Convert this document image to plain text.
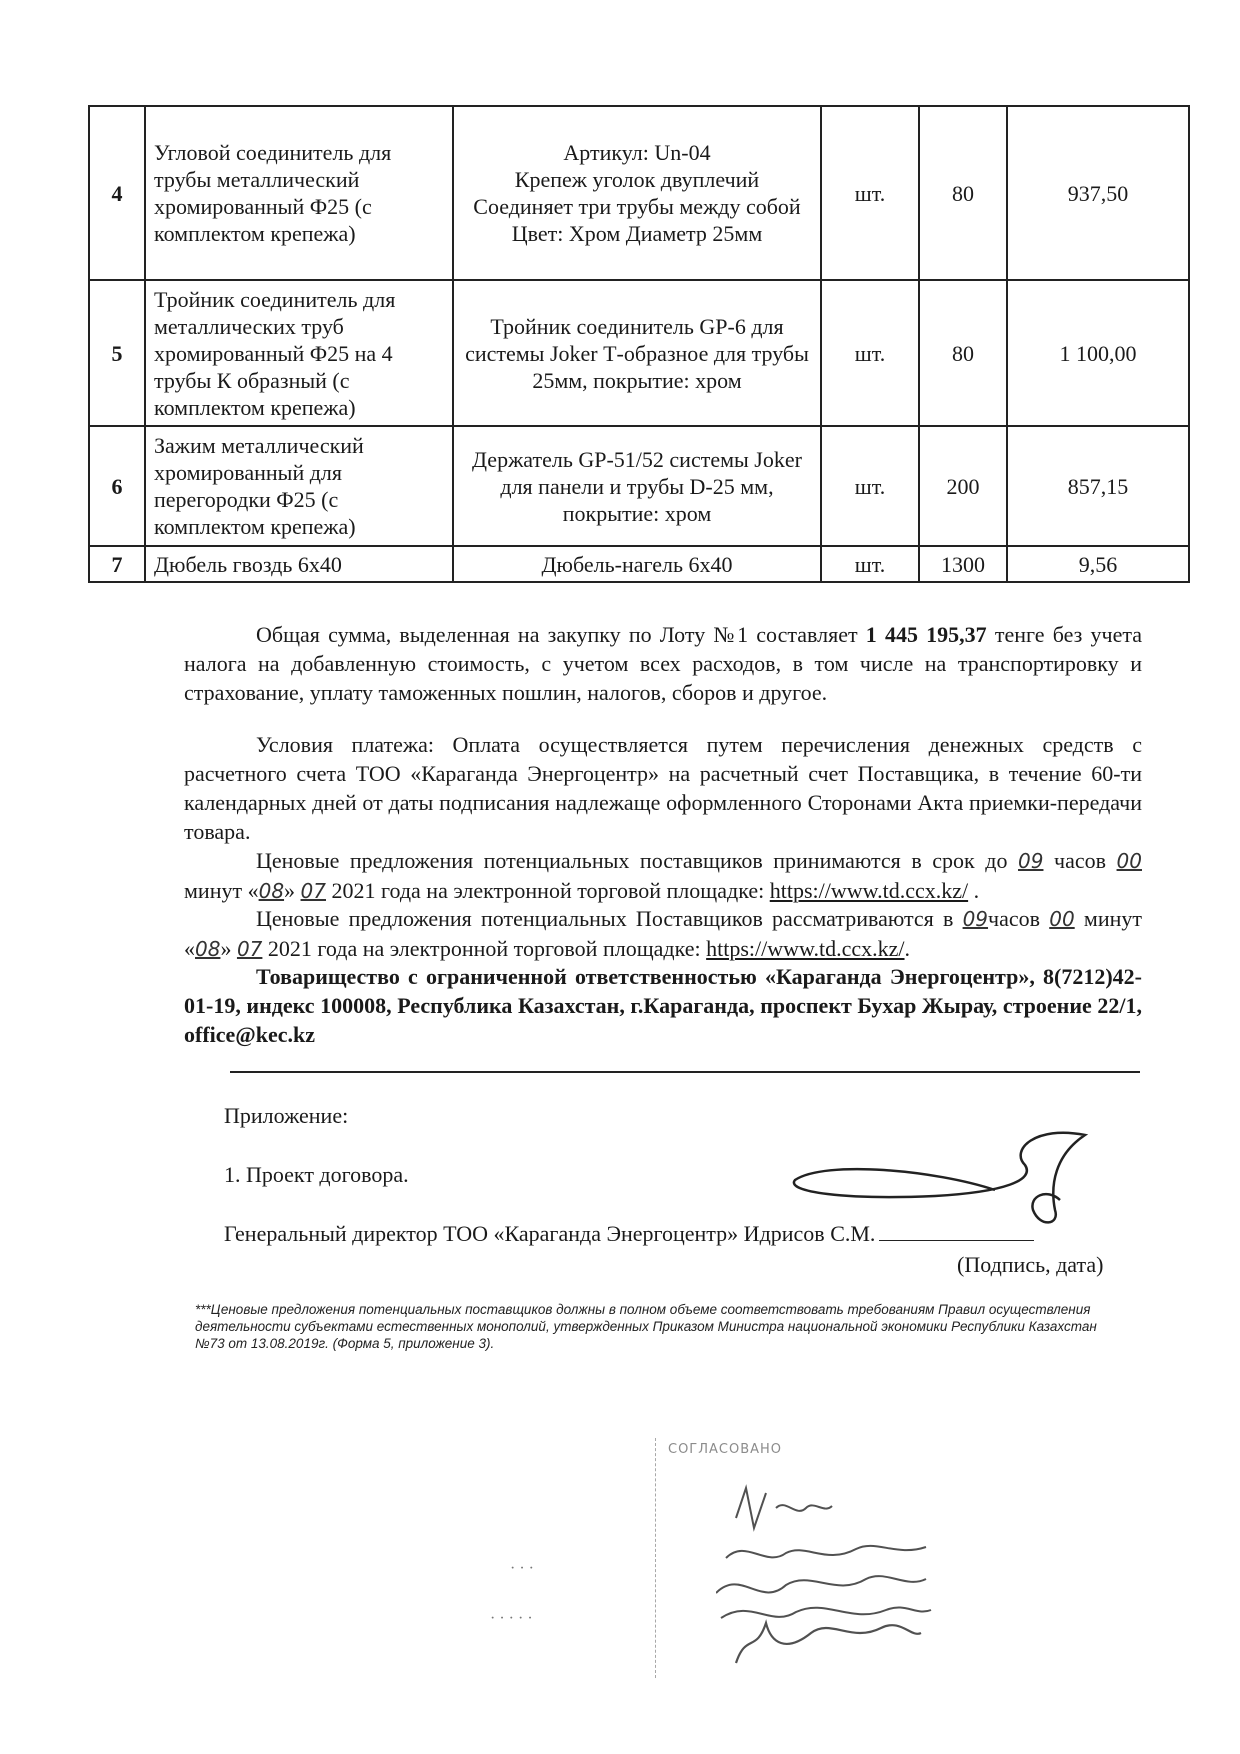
4	Угловой соединитель для трубы металлический хромированный Ф25 (с комплектом крепежа)	Артикул: Un-04
Крепеж уголок двуплечий
Соединяет три трубы между собой
Цвет: Хром Диаметр 25мм	шт.	80	937,50
5	Тройник соединитель для металлических труб хромированный Ф25 на 4 трубы К образный (с комплектом крепежа)	Тройник соединитель GP-6 для системы Joker Т-образное для трубы 25мм, покрытие: хром	шт.	80	1 100,00
6	Зажим металлический хромированный для перегородки Ф25 (с комплектом крепежа)	Держатель GP-51/52 системы Joker для панели и трубы D-25 мм, покрытие: хром	шт.	200	857,15
7	Дюбель гвоздь 6х40	Дюбель-нагель 6х40	шт.	1300	9,56
Общая сумма, выделенная на закупку по Лоту №1 составляет 1 445 195,37 тенге без учета налога на добавленную стоимость, с учетом всех расходов, в том числе на транспортировку и страхование, уплату таможенных пошлин, налогов, сборов и другое.
Условия платежа: Оплата осуществляется путем перечисления денежных средств с расчетного счета ТОО «Караганда Энергоцентр» на расчетный счет Поставщика, в течение 60-ти календарных дней от даты подписания надлежаще оформленного Сторонами Акта приемки-передачи товара.
Ценовые предложения потенциальных поставщиков принимаются в срок до 09 часов 00 минут «08» 07 2021 года на электронной торговой площадке: https://www.td.ccx.kz/ .
Ценовые предложения потенциальных Поставщиков рассматриваются в 09часов 00 минут «08» 07 2021 года на электронной торговой площадке: https://www.td.ccx.kz/.
Товарищество с ограниченной ответственностью «Караганда Энергоцентр», 8(7212)42-01-19, индекс 100008, Республика Казахстан, г.Караганда, проспект Бухар Жырау, строение 22/1, office@kec.kz
Приложение:
1. Проект договора.
Генеральный директор ТОО «Караганда Энергоцентр» Идрисов С.М.
(Подпись, дата)
***Ценовые предложения потенциальных поставщиков должны в полном объеме соответствовать требованиям Правил осуществления деятельности субъектами естественных монополий, утвержденных Приказом Министра национальной экономики Республики Казахстан №73 от 13.08.2019г. (Форма 5, приложение 3).
СОГЛАСОВАНО
· · ·
· · · · ·
